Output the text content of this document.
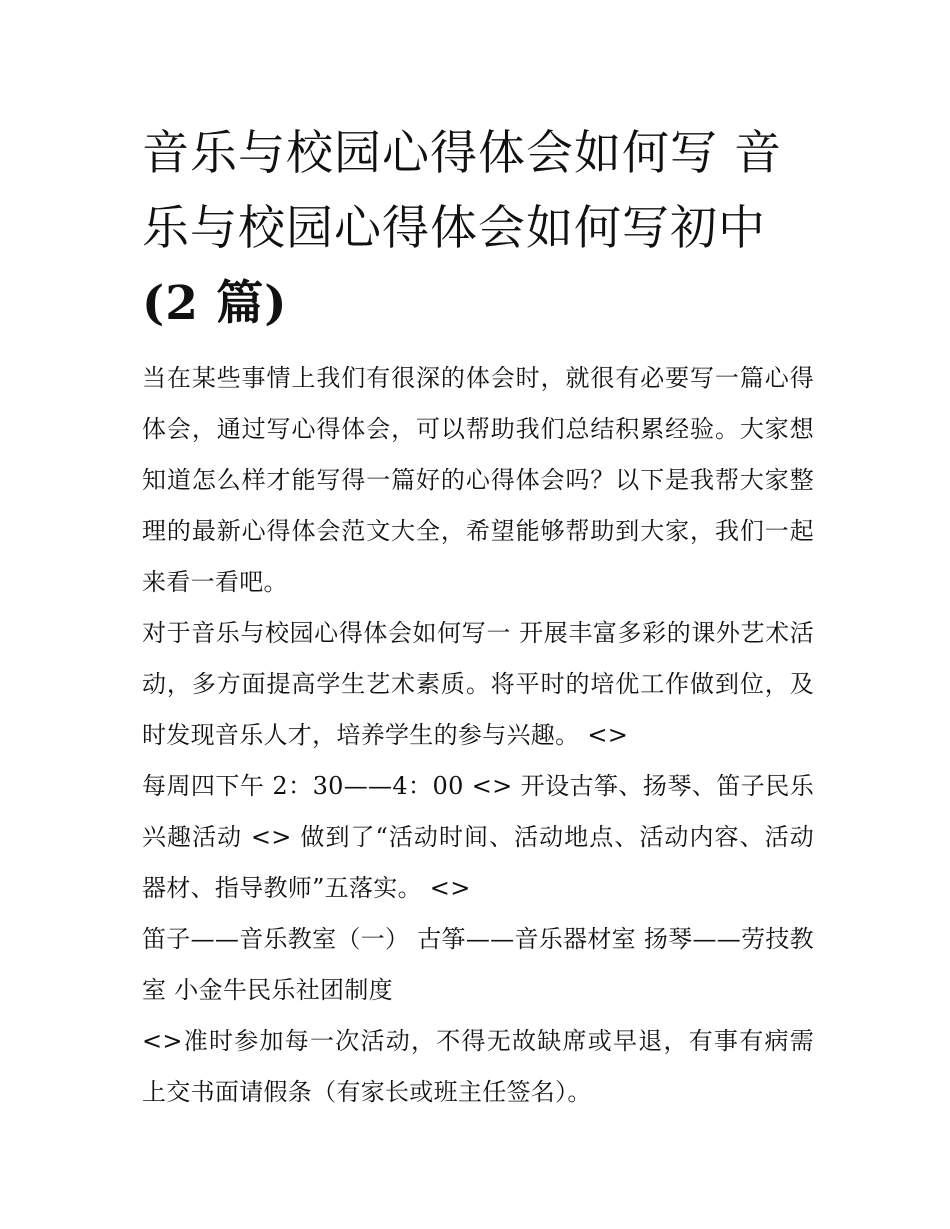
音乐与校园心得体会如何写 音乐与校园心得体会如何写初中
(2 篇)

当在某些事情上我们有很深的体会时，就很有必要写一篇心得体会，通过写心得体会，可以帮助我们总结积累经验。大家想知道怎么样才能写得一篇好的心得体会吗？以下是我帮大家整理的最新心得体会范文大全，希望能够帮助到大家，我们一起来看一看吧。

对于音乐与校园心得体会如何写一 开展丰富多彩的课外艺术活动，多方面提高学生艺术素质。将平时的培优工作做到位，及时发现音乐人才，培养学生的参与兴趣。 <>

每周四下午 2：30——4：00 <> 开设古筝、扬琴、笛子民乐兴趣活动 <> 做到了“活动时间、活动地点、活动内容、活动器材、指导教师”五落实。 <>

笛子——音乐教室（一） 古筝——音乐器材室 扬琴——劳技教室 小金牛民乐社团制度

<>准时参加每一次活动，不得无故缺席或早退，有事有病需上交书面请假条（有家长或班主任签名）。
